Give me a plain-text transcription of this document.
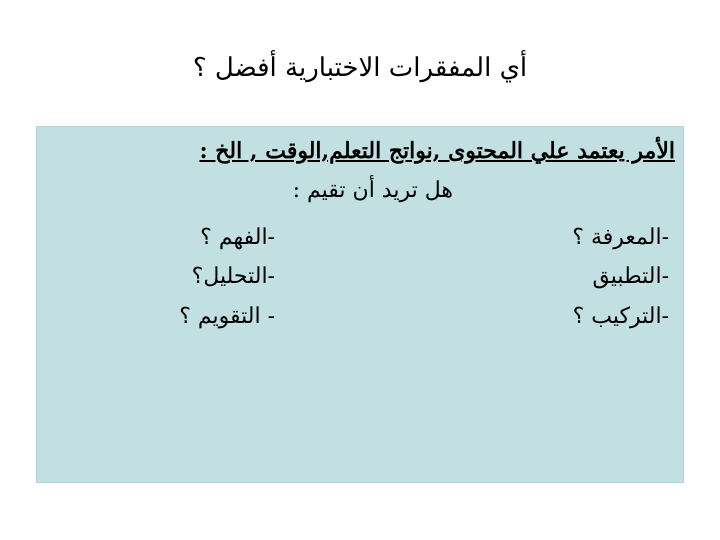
أي المفقرات الاختبارية أفضل ؟
الأمر يعتمد علي المحتوى ,نواتج التعلم,الوقت , الخ :
هل تريد أن تقيم :
-المعرفة ؟
-التطبيق
-التركيب ؟
-الفهم ؟
-التحليل؟
- التقويم ؟
